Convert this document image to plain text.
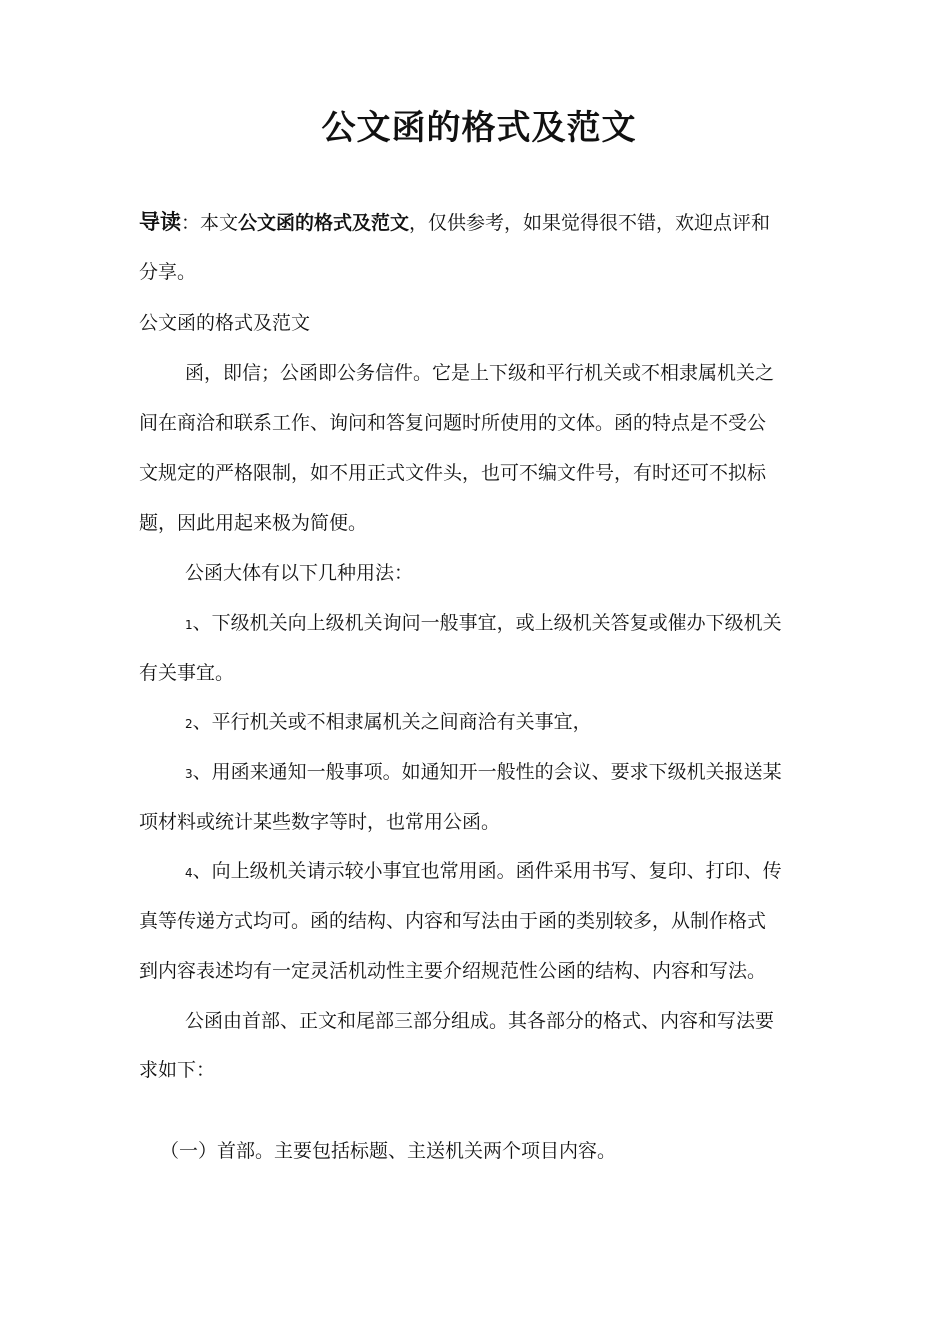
公文函的格式及范文
导读：本文公文函的格式及范文，仅供参考，如果觉得很不错，欢迎点评和
分享。
公文函的格式及范文
函，即信；公函即公务信件。它是上下级和平行机关或不相隶属机关之
间在商洽和联系工作、询问和答复问题时所使用的文体。函的特点是不受公
文规定的严格限制，如不用正式文件头，也可不编文件号，有时还可不拟标
题，因此用起来极为简便。
公函大体有以下几种用法：
1、下级机关向上级机关询问一般事宜，或上级机关答复或催办下级机关
有关事宜。
2、平行机关或不相隶属机关之间商洽有关事宜，
3、用函来通知一般事项。如通知开一般性的会议、要求下级机关报送某
项材料或统计某些数字等时，也常用公函。
4、向上级机关请示较小事宜也常用函。函件采用书写、复印、打印、传
真等传递方式均可。函的结构、内容和写法由于函的类别较多，从制作格式
到内容表述均有一定灵活机动性主要介绍规范性公函的结构、内容和写法。
公函由首部、正文和尾部三部分组成。其各部分的格式、内容和写法要
求如下：
（一）首部。主要包括标题、主送机关两个项目内容。
